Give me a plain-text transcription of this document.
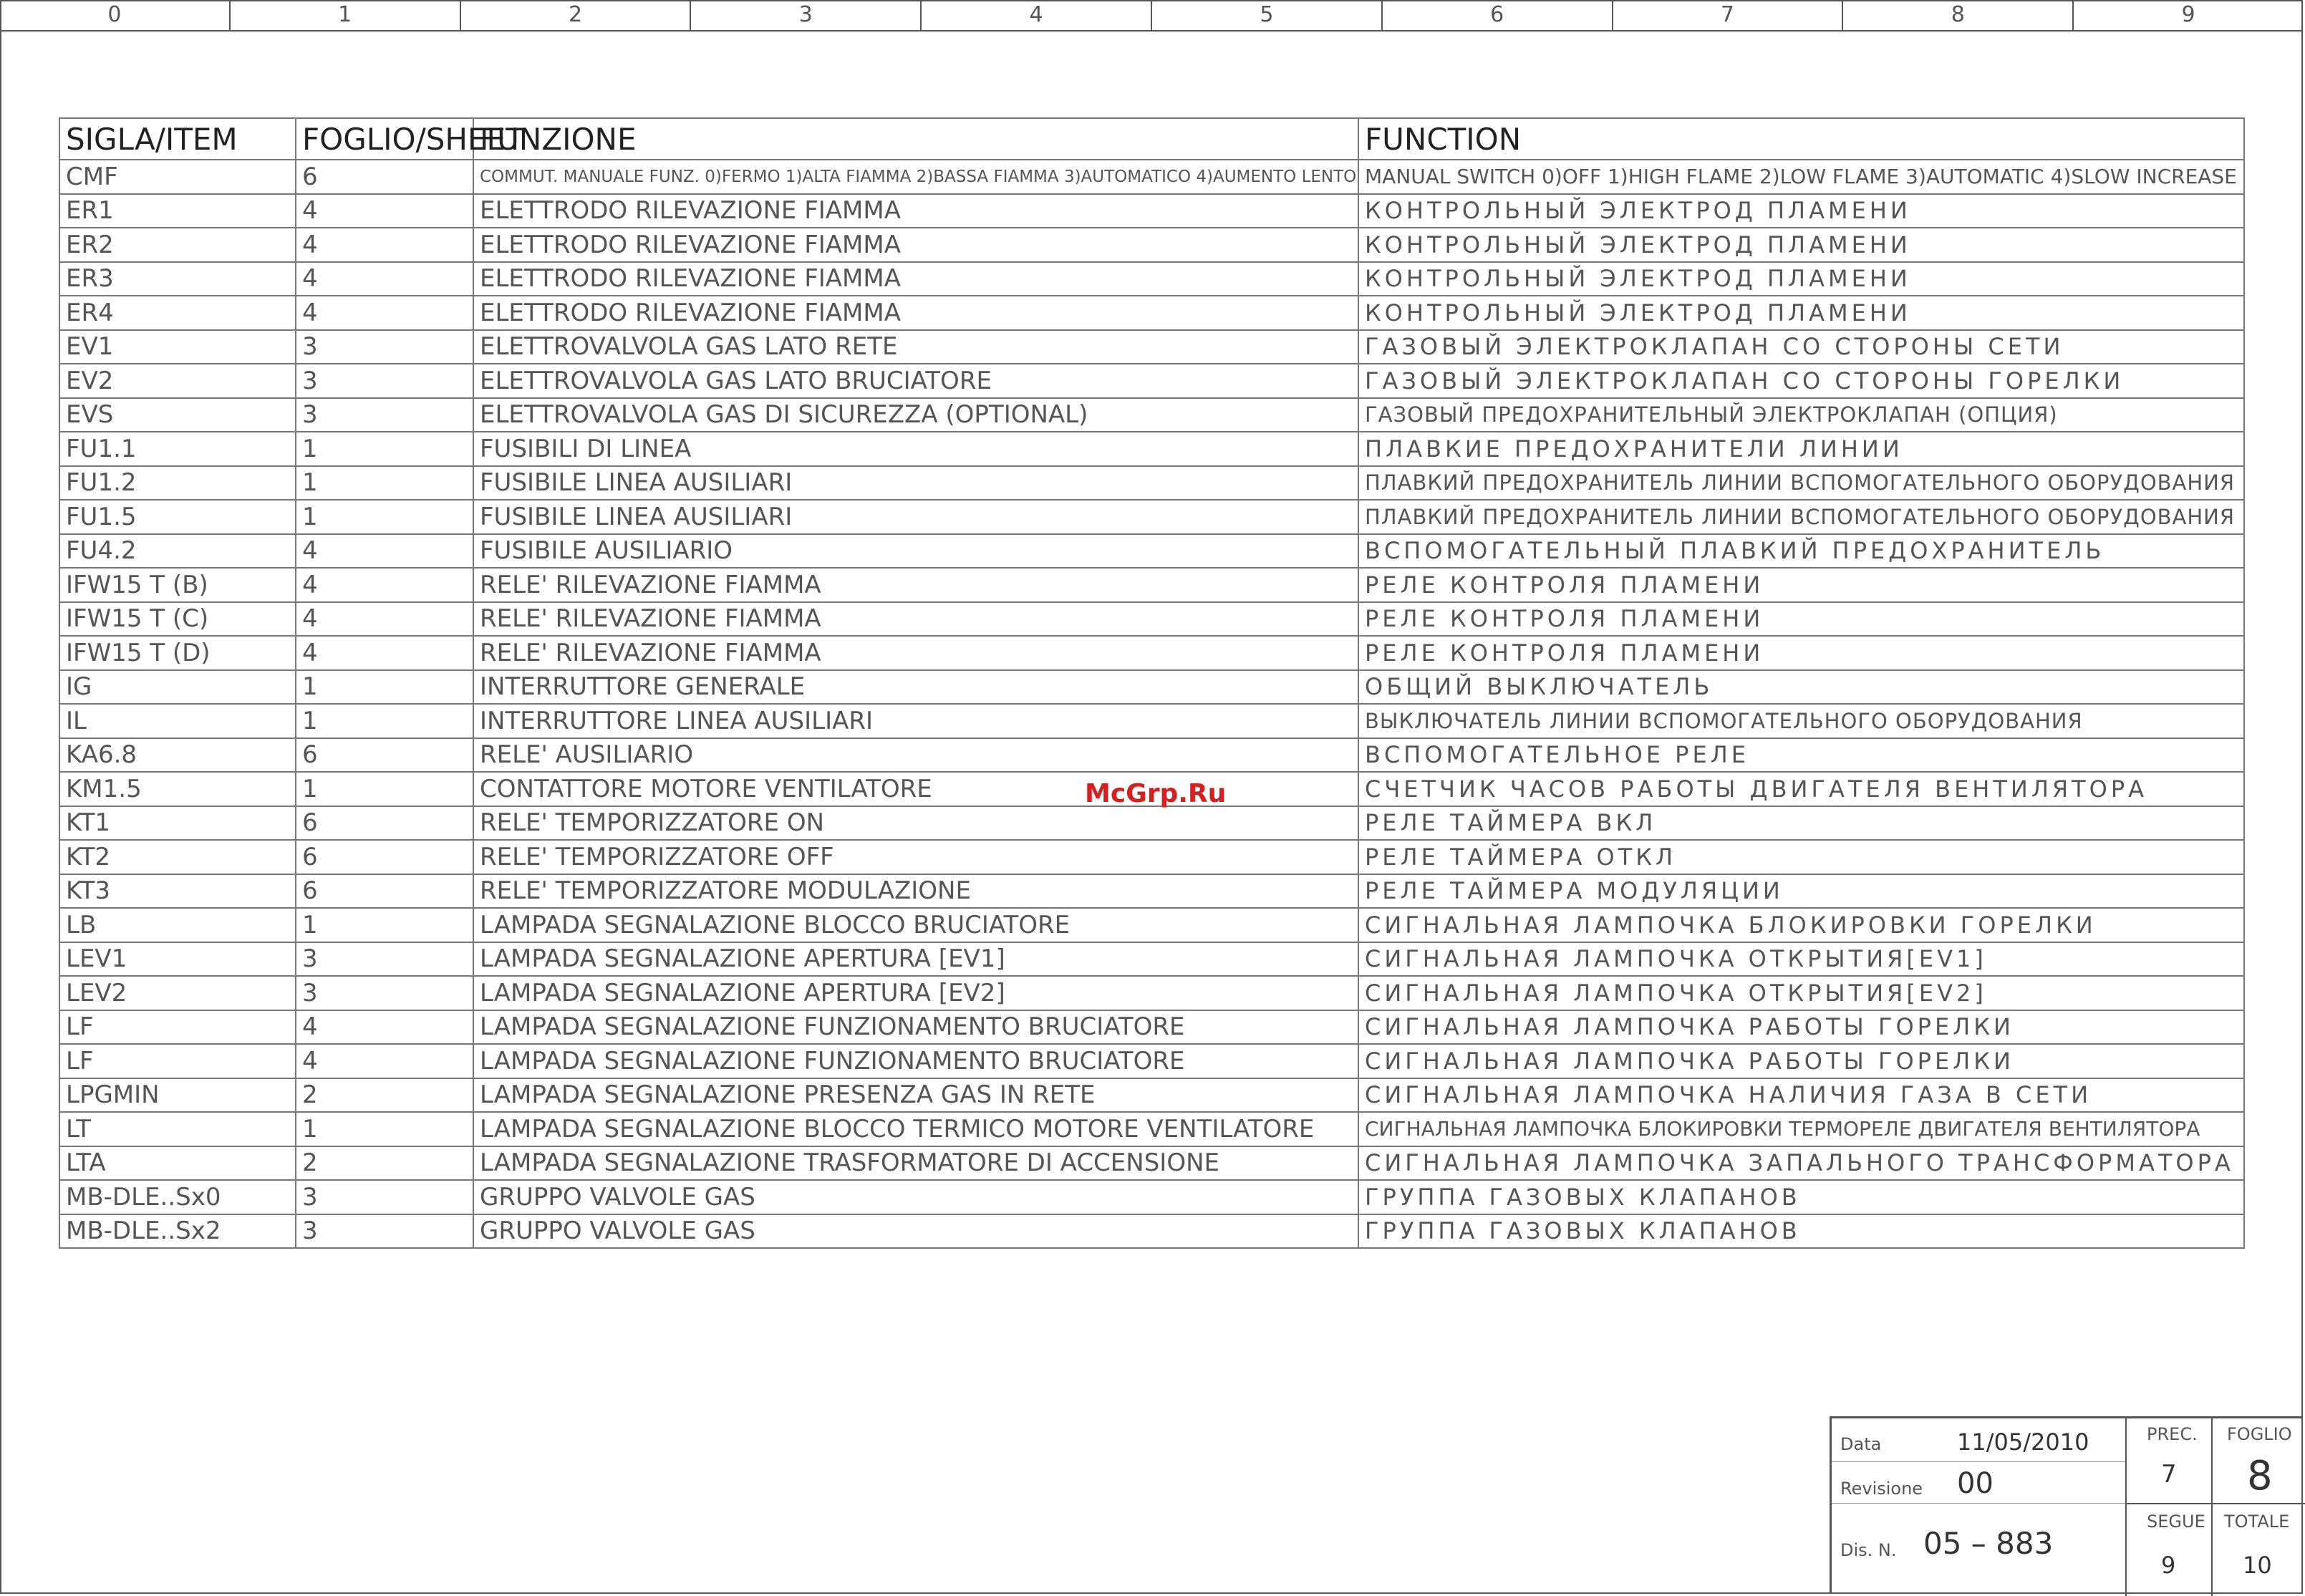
0	1	2	3	4	5	6	7	8	9
SIGLA/ITEM	FOGLIO/SHEET	FUNZIONE	FUNCTION
CMF	6	COMMUT. MANUALE FUNZ. 0)FERMO 1)ALTA FIAMMA 2)BASSA FIAMMA 3)AUTOMATICO 4)AUMENTO LENTO	MANUAL SWITCH 0)OFF 1)HIGH FLAME 2)LOW FLAME 3)AUTOMATIC 4)SLOW INCREASE
ER1	4	ELETTRODO RILEVAZIONE FIAMMA	КОНТРОЛЬНЫЙ ЭЛЕКТРОД ПЛАМЕНИ
ER2	4	ELETTRODO RILEVAZIONE FIAMMA	КОНТРОЛЬНЫЙ ЭЛЕКТРОД ПЛАМЕНИ
ER3	4	ELETTRODO RILEVAZIONE FIAMMA	КОНТРОЛЬНЫЙ ЭЛЕКТРОД ПЛАМЕНИ
ER4	4	ELETTRODO RILEVAZIONE FIAMMA	КОНТРОЛЬНЫЙ ЭЛЕКТРОД ПЛАМЕНИ
EV1	3	ELETTROVALVOLA GAS LATO RETE	ГАЗОВЫЙ ЭЛЕКТРОКЛАПАН СО СТОРОНЫ СЕТИ
EV2	3	ELETTROVALVOLA GAS LATO BRUCIATORE	ГАЗОВЫЙ ЭЛЕКТРОКЛАПАН СО СТОРОНЫ ГОРЕЛКИ
EVS	3	ELETTROVALVOLA GAS DI SICUREZZA (OPTIONAL)	ГАЗОВЫЙ ПРЕДОХРАНИТЕЛЬНЫЙ ЭЛЕКТРОКЛАПАН (ОПЦИЯ)
FU1.1	1	FUSIBILI DI LINEA	ПЛАВКИЕ ПРЕДОХРАНИТЕЛИ ЛИНИИ
FU1.2	1	FUSIBILE LINEA AUSILIARI	ПЛАВКИЙ ПРЕДОХРАНИТЕЛЬ ЛИНИИ ВСПОМОГАТЕЛЬНОГО ОБОРУДОВАНИЯ
FU1.5	1	FUSIBILE LINEA AUSILIARI	ПЛАВКИЙ ПРЕДОХРАНИТЕЛЬ ЛИНИИ ВСПОМОГАТЕЛЬНОГО ОБОРУДОВАНИЯ
FU4.2	4	FUSIBILE AUSILIARIO	ВСПОМОГАТЕЛЬНЫЙ ПЛАВКИЙ ПРЕДОХРАНИТЕЛЬ
IFW15 T (B)	4	RELE' RILEVAZIONE FIAMMA	РЕЛЕ КОНТРОЛЯ ПЛАМЕНИ
IFW15 T (C)	4	RELE' RILEVAZIONE FIAMMA	РЕЛЕ КОНТРОЛЯ ПЛАМЕНИ
IFW15 T (D)	4	RELE' RILEVAZIONE FIAMMA	РЕЛЕ КОНТРОЛЯ ПЛАМЕНИ
IG	1	INTERRUTTORE GENERALE	ОБЩИЙ ВЫКЛЮЧАТЕЛЬ
IL	1	INTERRUTTORE LINEA AUSILIARI	ВЫКЛЮЧАТЕЛЬ ЛИНИИ ВСПОМОГАТЕЛЬНОГО ОБОРУДОВАНИЯ
KA6.8	6	RELE' AUSILIARIO	ВСПОМОГАТЕЛЬНОЕ РЕЛЕ
KM1.5	1	CONTATTORE MOTORE VENTILATORE	СЧЕТЧИК ЧАСОВ РАБОТЫ ДВИГАТЕЛЯ ВЕНТИЛЯТОРА
KT1	6	RELE' TEMPORIZZATORE ON	РЕЛЕ ТАЙМЕРА ВКЛ
KT2	6	RELE' TEMPORIZZATORE OFF	РЕЛЕ ТАЙМЕРА ОТКЛ
KT3	6	RELE' TEMPORIZZATORE MODULAZIONE	РЕЛЕ ТАЙМЕРА МОДУЛЯЦИИ
LB	1	LAMPADA SEGNALAZIONE BLOCCO BRUCIATORE	СИГНАЛЬНАЯ ЛАМПОЧКА БЛОКИРОВКИ ГОРЕЛКИ
LEV1	3	LAMPADA SEGNALAZIONE APERTURA [EV1]	СИГНАЛЬНАЯ ЛАМПОЧКА ОТКРЫТИЯ[EV1]
LEV2	3	LAMPADA SEGNALAZIONE APERTURA [EV2]	СИГНАЛЬНАЯ ЛАМПОЧКА ОТКРЫТИЯ[EV2]
LF	4	LAMPADA SEGNALAZIONE FUNZIONAMENTO BRUCIATORE	СИГНАЛЬНАЯ ЛАМПОЧКА РАБОТЫ ГОРЕЛКИ
LF	4	LAMPADA SEGNALAZIONE FUNZIONAMENTO BRUCIATORE	СИГНАЛЬНАЯ ЛАМПОЧКА РАБОТЫ ГОРЕЛКИ
LPGMIN	2	LAMPADA SEGNALAZIONE PRESENZA GAS IN RETE	СИГНАЛЬНАЯ ЛАМПОЧКА НАЛИЧИЯ ГАЗА В СЕТИ
LT	1	LAMPADA SEGNALAZIONE BLOCCO TERMICO MOTORE VENTILATORE	СИГНАЛЬНАЯ ЛАМПОЧКА БЛОКИРОВКИ ТЕРМОРЕЛЕ ДВИГАТЕЛЯ ВЕНТИЛЯТОРА
LTA	2	LAMPADA SEGNALAZIONE TRASFORMATORE DI ACCENSIONE	СИГНАЛЬНАЯ ЛАМПОЧКА ЗАПАЛЬНОГО ТРАНСФОРМАТОРА
MB-DLE..Sx0	3	GRUPPO VALVOLE GAS	ГРУППА ГАЗОВЫХ КЛАПАНОВ
MB-DLE..Sx2	3	GRUPPO VALVOLE GAS	ГРУППА ГАЗОВЫХ КЛАПАНОВ
McGrp.Ru
Data	11/05/2010
Revisione 00
Dis. N. 05 – 883
PREC.
7
FOGLIO
8
SEGUE
9
TOTALE
10
